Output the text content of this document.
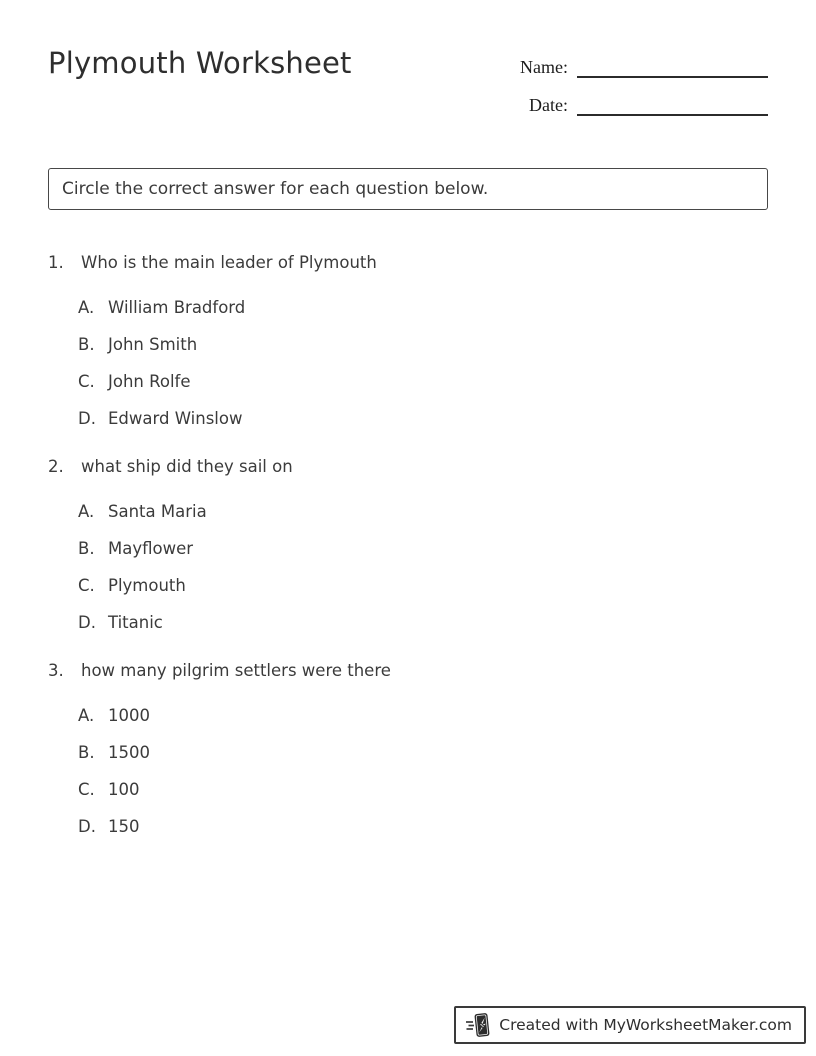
Plymouth Worksheet	Name:
Date:
Circle the correct answer for each question below.
1.	Who is the main leader of Plymouth
A. William Bradford
B. John Smith
C. John Rolfe
D. Edward Winslow
2.	what ship did they sail on
A. Santa Maria
B. Mayflower
C. Plymouth
D. Titanic
3.	how many pilgrim settlers were there
A. 1000
B. 1500
C. 100
D. 150
Created with MyWorksheetMaker.com
